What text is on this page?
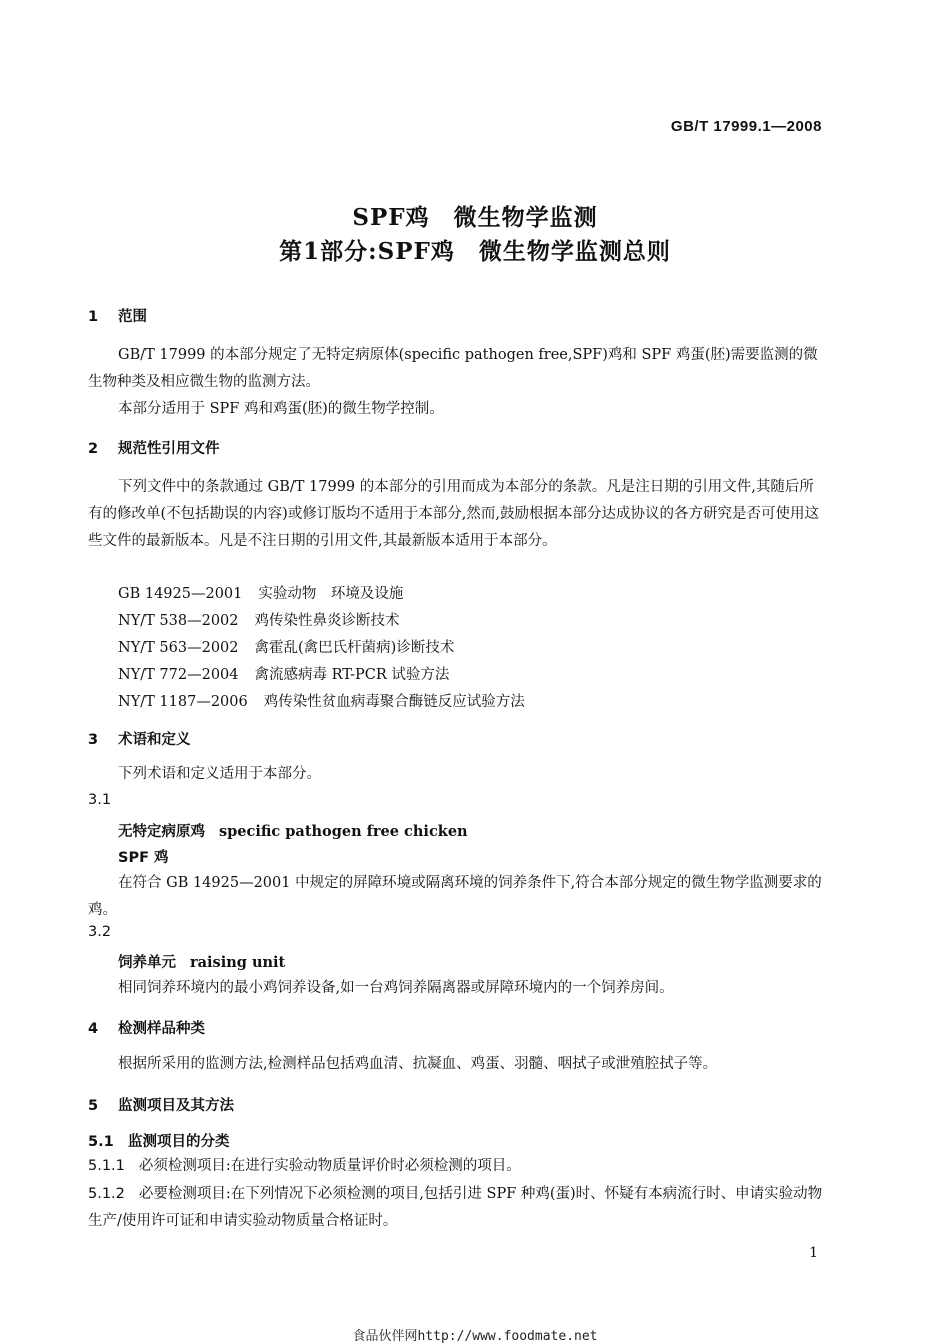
GB/T 17999.1—2008
SPF鸡　微生物学监测
第1部分:SPF鸡　微生物学监测总则
1 范围
GB/T 17999 的本部分规定了无特定病原体(specific pathogen free,SPF)鸡和 SPF 鸡蛋(胚)需要监测的微生物种类及相应微生物的监测方法。
本部分适用于 SPF 鸡和鸡蛋(胚)的微生物学控制。
2 规范性引用文件
下列文件中的条款通过 GB/T 17999 的本部分的引用而成为本部分的条款。凡是注日期的引用文件,其随后所有的修改单(不包括勘误的内容)或修订版均不适用于本部分,然而,鼓励根据本部分达成协议的各方研究是否可使用这些文件的最新版本。凡是不注日期的引用文件,其最新版本适用于本部分。
GB 14925—2001 实验动物　环境及设施
NY/T 538—2002 鸡传染性鼻炎诊断技术
NY/T 563—2002 禽霍乱(禽巴氏杆菌病)诊断技术
NY/T 772—2004 禽流感病毒 RT-PCR 试验方法
NY/T 1187—2006 鸡传染性贫血病毒聚合酶链反应试验方法
3 术语和定义
下列术语和定义适用于本部分。
3.1
无特定病原鸡 specific pathogen free chicken
SPF 鸡
在符合 GB 14925—2001 中规定的屏障环境或隔离环境的饲养条件下,符合本部分规定的微生物学监测要求的鸡。
3.2
饲养单元 raising unit
相同饲养环境内的最小鸡饲养设备,如一台鸡饲养隔离器或屏障环境内的一个饲养房间。
4 检测样品种类
根据所采用的监测方法,检测样品包括鸡血清、抗凝血、鸡蛋、羽髓、咽拭子或泄殖腔拭子等。
5 监测项目及其方法
5.1 监测项目的分类
5.1.1 必须检测项目:在进行实验动物质量评价时必须检测的项目。
5.1.2 必要检测项目:在下列情况下必须检测的项目,包括引进 SPF 种鸡(蛋)时、怀疑有本病流行时、申请实验动物生产/使用许可证和申请实验动物质量合格证时。
1
食品伙伴网http://www.foodmate.net
